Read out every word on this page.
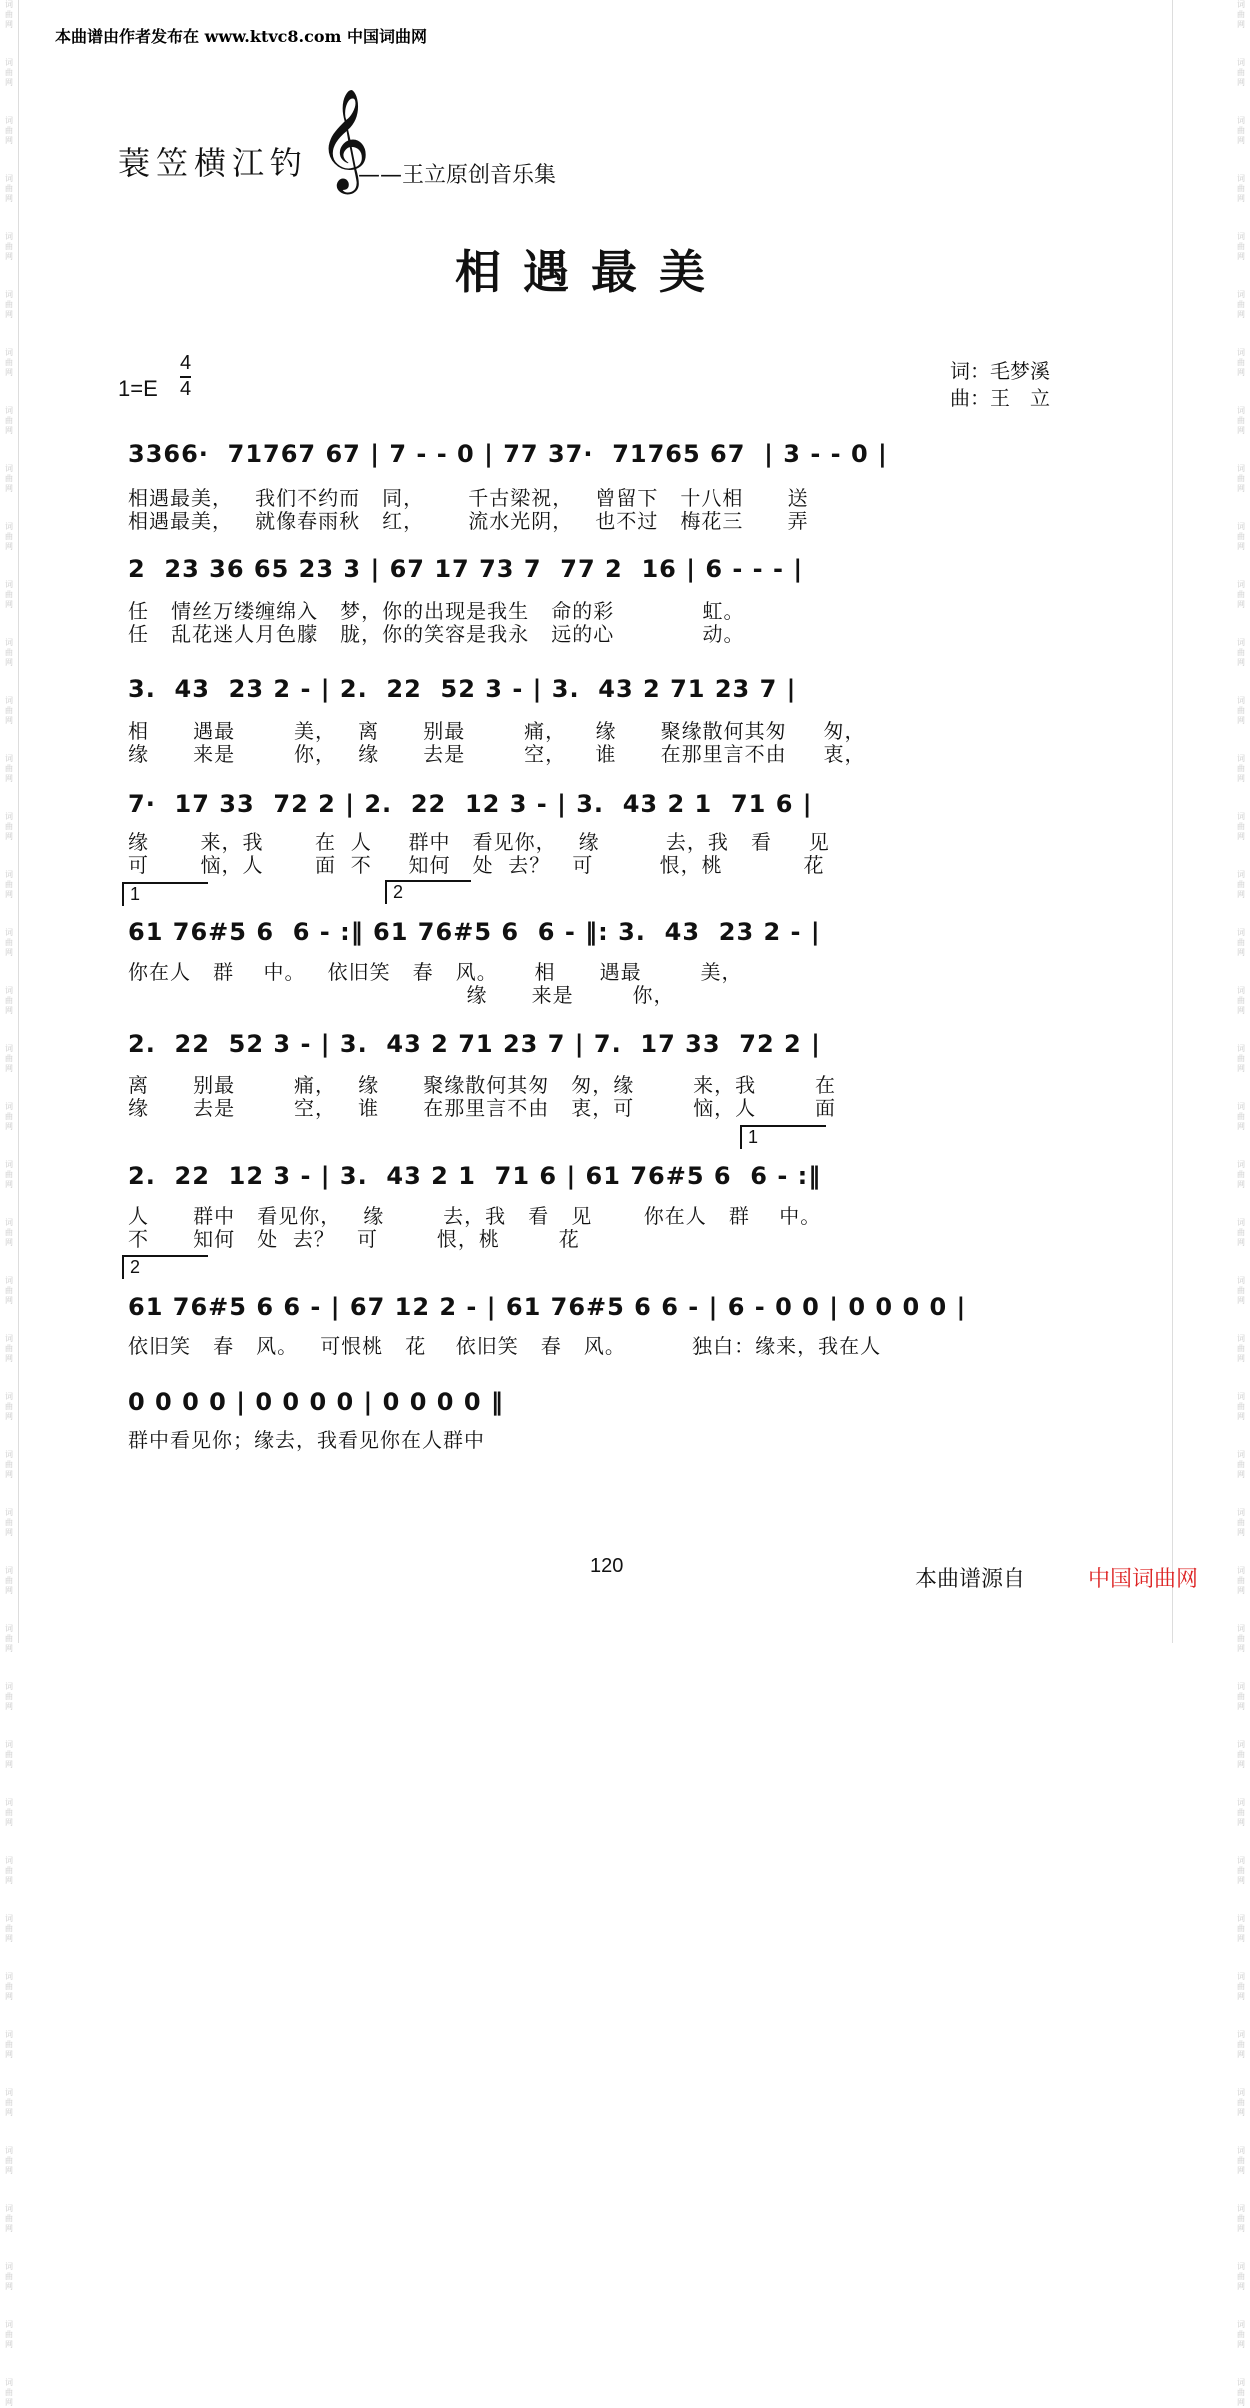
词曲网
词曲网
词曲网
词曲网
词曲网
词曲网
词曲网
词曲网
词曲网
词曲网
词曲网
词曲网
词曲网
词曲网
词曲网
词曲网
词曲网
词曲网
词曲网
词曲网
词曲网
词曲网
词曲网
词曲网
词曲网
词曲网
词曲网
词曲网
词曲网
词曲网
词曲网
词曲网
词曲网
词曲网
词曲网
词曲网
词曲网
词曲网
词曲网
词曲网
词曲网
词曲网
词曲网
词曲网
词曲网
词曲网
词曲网
词曲网
词曲网
词曲网
词曲网
词曲网
词曲网
词曲网
词曲网
词曲网
词曲网
词曲网
词曲网
词曲网
词曲网
词曲网
词曲网
词曲网
词曲网
词曲网
词曲网
词曲网
词曲网
词曲网
词曲网
词曲网
词曲网
词曲网
词曲网
词曲网
词曲网
词曲网
词曲网
词曲网
词曲网
词曲网
词曲网
词曲网
本曲谱由作者发布在 www.ktvc8.com 中国词曲网
蓑笠横江钓 𝄞
——王立原创音乐集
相遇最美
1=E
4
4
词：毛梦溪
曲：王　立
3366·  71767 67 | 7 - - 0 | 77 37·  71765 67  | 3 - - 0 |
相遇最美，   我们不约而   同，      千古梁祝，   曾留下   十八相      送
相遇最美，   就像春雨秋   红，      流水光阴，   也不过   梅花三      弄
2  23 36 65 23 3 | 67 17 73 7  77 2  16 | 6 - - - |
任   情丝万缕缠绵入   梦，你的出现是我生   命的彩            虹。
任   乱花迷人月色朦   胧，你的笑容是我永   远的心            动。
3.  43  23 2 - | 2.  22  52 3 - | 3.  43 2 71 23 7 |
相      遇最        美，   离      别最        痛，    缘      聚缘散何其匆     匆，
缘      来是        你，   缘      去是        空，    谁      在那里言不由     衷，
7·  17 33  72 2 | 2.  22  12 3 - | 3.  43 2 1  71 6 |
缘       来，我       在  人     群中   看见你，   缘         去，我   看     见
可       恼，人       面  不     知何   处  去？   可         恨，桃           花
1	2
61 76#5 6  6 - :‖ 61 76#5 6  6 - ‖: 3.  43  23 2 - |
你在人   群    中。   依旧笑   春   风。     相      遇最        美，
缘      来是        你，
2.  22  52 3 - | 3.  43 2 71 23 7 | 7.  17 33  72 2 |
离      别最        痛，   缘      聚缘散何其匆   匆，缘        来，我        在
缘      去是        空，   谁      在那里言不由   衷，可        恼，人        面
1
2.  22  12 3 - | 3.  43 2 1  71 6 | 61 76#5 6  6 - :‖
人      群中   看见你，   缘        去，我   看   见       你在人   群    中。
不      知何   处  去？   可        恨，桃        花
2
61 76#5 6 6 - | 67 12 2 - | 61 76#5 6 6 - | 6 - 0 0 | 0 0 0 0 |
依旧笑   春   风。   可恨桃   花    依旧笑   春   风。         独白：缘来，我在人
0 0 0 0 | 0 0 0 0 | 0 0 0 0 ‖
群中看见你；缘去，我看见你在人群中
120
本曲谱源自	中国词曲网
